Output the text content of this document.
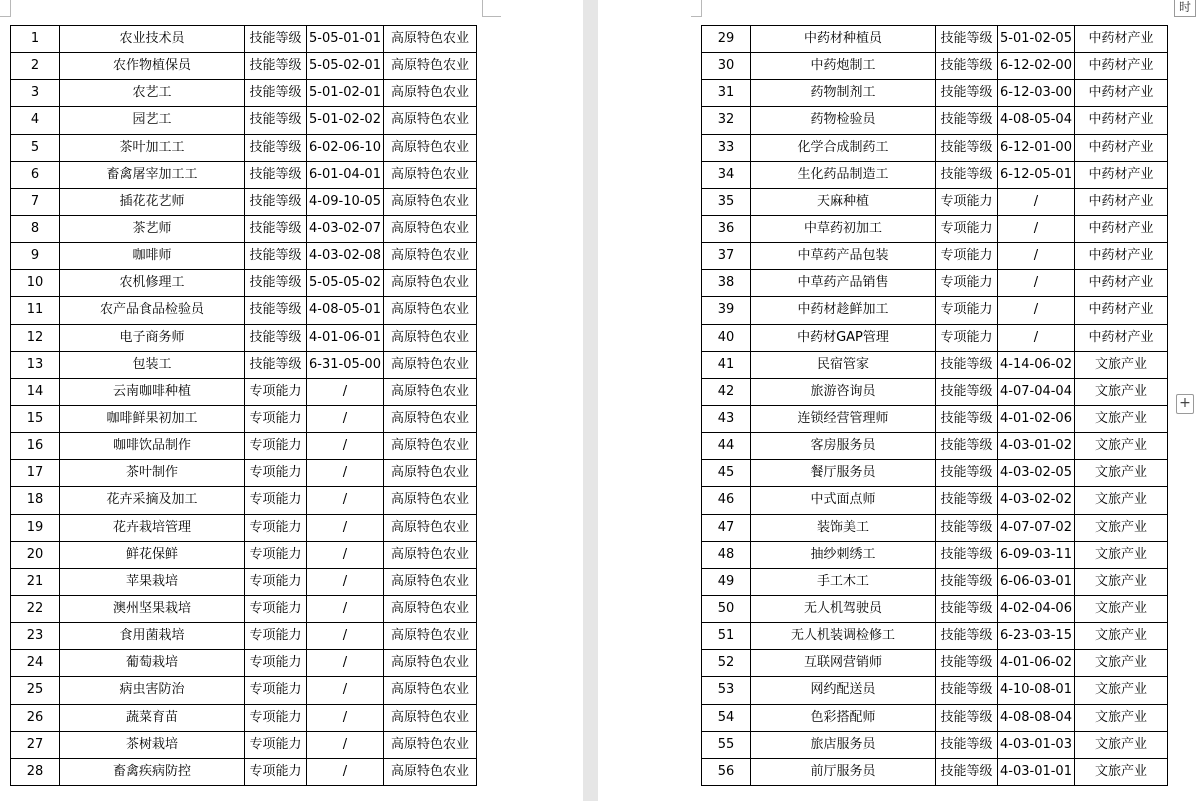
1	农业技术员	技能等级	5-05-01-01	高原特色农业
2	农作物植保员	技能等级	5-05-02-01	高原特色农业
3	农艺工	技能等级	5-01-02-01	高原特色农业
4	园艺工	技能等级	5-01-02-02	高原特色农业
5	茶叶加工工	技能等级	6-02-06-10	高原特色农业
6	畜禽屠宰加工工	技能等级	6-01-04-01	高原特色农业
7	插花花艺师	技能等级	4-09-10-05	高原特色农业
8	茶艺师	技能等级	4-03-02-07	高原特色农业
9	咖啡师	技能等级	4-03-02-08	高原特色农业
10	农机修理工	技能等级	5-05-05-02	高原特色农业
11	农产品食品检验员	技能等级	4-08-05-01	高原特色农业
12	电子商务师	技能等级	4-01-06-01	高原特色农业
13	包装工	技能等级	6-31-05-00	高原特色农业
14	云南咖啡种植	专项能力	/	高原特色农业
15	咖啡鲜果初加工	专项能力	/	高原特色农业
16	咖啡饮品制作	专项能力	/	高原特色农业
17	茶叶制作	专项能力	/	高原特色农业
18	花卉采摘及加工	专项能力	/	高原特色农业
19	花卉栽培管理	专项能力	/	高原特色农业
20	鲜花保鲜	专项能力	/	高原特色农业
21	苹果栽培	专项能力	/	高原特色农业
22	澳州坚果栽培	专项能力	/	高原特色农业
23	食用菌栽培	专项能力	/	高原特色农业
24	葡萄栽培	专项能力	/	高原特色农业
25	病虫害防治	专项能力	/	高原特色农业
26	蔬菜育苗	专项能力	/	高原特色农业
27	茶树栽培	专项能力	/	高原特色农业
28	畜禽疾病防控	专项能力	/	高原特色农业
29	中药材种植员	技能等级	5-01-02-05	中药材产业
30	中药炮制工	技能等级	6-12-02-00	中药材产业
31	药物制剂工	技能等级	6-12-03-00	中药材产业
32	药物检验员	技能等级	4-08-05-04	中药材产业
33	化学合成制药工	技能等级	6-12-01-00	中药材产业
34	生化药品制造工	技能等级	6-12-05-01	中药材产业
35	天麻种植	专项能力	/	中药材产业
36	中草药初加工	专项能力	/	中药材产业
37	中草药产品包装	专项能力	/	中药材产业
38	中草药产品销售	专项能力	/	中药材产业
39	中药材趁鲜加工	专项能力	/	中药材产业
40	中药材GAP管理	专项能力	/	中药材产业
41	民宿管家	技能等级	4-14-06-02	文旅产业
42	旅游咨询员	技能等级	4-07-04-04	文旅产业
43	连锁经营管理师	技能等级	4-01-02-06	文旅产业
44	客房服务员	技能等级	4-03-01-02	文旅产业
45	餐厅服务员	技能等级	4-03-02-05	文旅产业
46	中式面点师	技能等级	4-03-02-02	文旅产业
47	装饰美工	技能等级	4-07-07-02	文旅产业
48	抽纱刺绣工	技能等级	6-09-03-11	文旅产业
49	手工木工	技能等级	6-06-03-01	文旅产业
50	无人机驾驶员	技能等级	4-02-04-06	文旅产业
51	无人机装调检修工	技能等级	6-23-03-15	文旅产业
52	互联网营销师	技能等级	4-01-06-02	文旅产业
53	网约配送员	技能等级	4-10-08-01	文旅产业
54	色彩搭配师	技能等级	4-08-08-04	文旅产业
55	旅店服务员	技能等级	4-03-01-03	文旅产业
56	前厅服务员	技能等级	4-03-01-01	文旅产业
时
+
